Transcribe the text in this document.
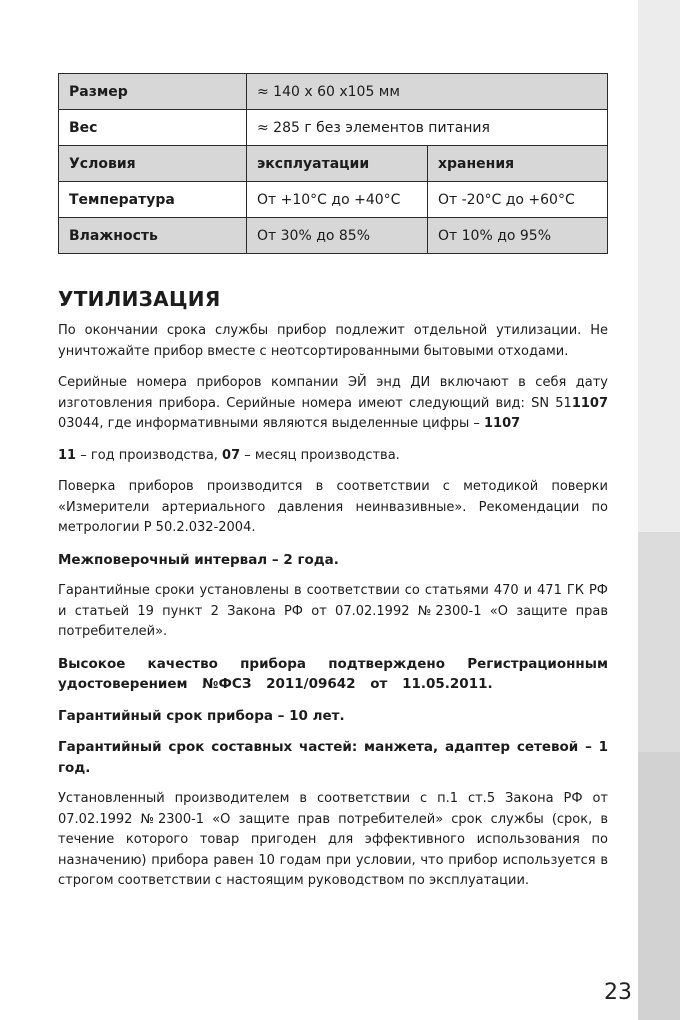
Размер	≈ 140 х 60 х105 мм	
Вес	≈ 285 г без элементов питания	
Условия	эксплуатации	хранения
Температура	От +10°С до +40°С	От -20°С до +60°С
Влажность	От 30% до 85%	От 10% до 95%
УТИЛИЗАЦИЯ

По окончании срока службы прибор подлежит отдельной утилизации. Не уничтожайте прибор вместе с неотсортированными бытовыми отходами.

Серийные номера приборов компании ЭЙ энд ДИ включают в себя дату изготовления прибора. Серийные номера имеют следующий вид: SN 511107 03044, где информативными являются выделенные цифры – 1107

11 – год производства, 07 – месяц производства.

Поверка приборов производится в соответствии с методикой поверки «Измерители артериального давления неинвазивные». Рекомендации по метрологии Р 50.2.032-2004.

Межповерочный интервал – 2 года.

Гарантийные сроки установлены в соответствии со статьями 470 и 471 ГК РФ и статьей 19 пункт 2 Закона РФ от 07.02.1992 №2300-1 «О защите прав потребителей».

Высокое качество прибора подтверждено Регистрационным удостоверением №ФСЗ 2011/09642 от 11.05.2011.

Гарантийный срок прибора – 10 лет.

Гарантийный срок составных частей: манжета, адаптер сетевой – 1 год.

Установленный производителем в соответствии с п.1 ст.5 Закона РФ от 07.02.1992 №2300-1 «О защите прав потребителей» срок службы (срок, в течение которого товар пригоден для эффективного использования по назначению) прибора равен 10 годам при условии, что прибор используется в строгом соответствии с настоящим руководством по эксплуатации.

23
